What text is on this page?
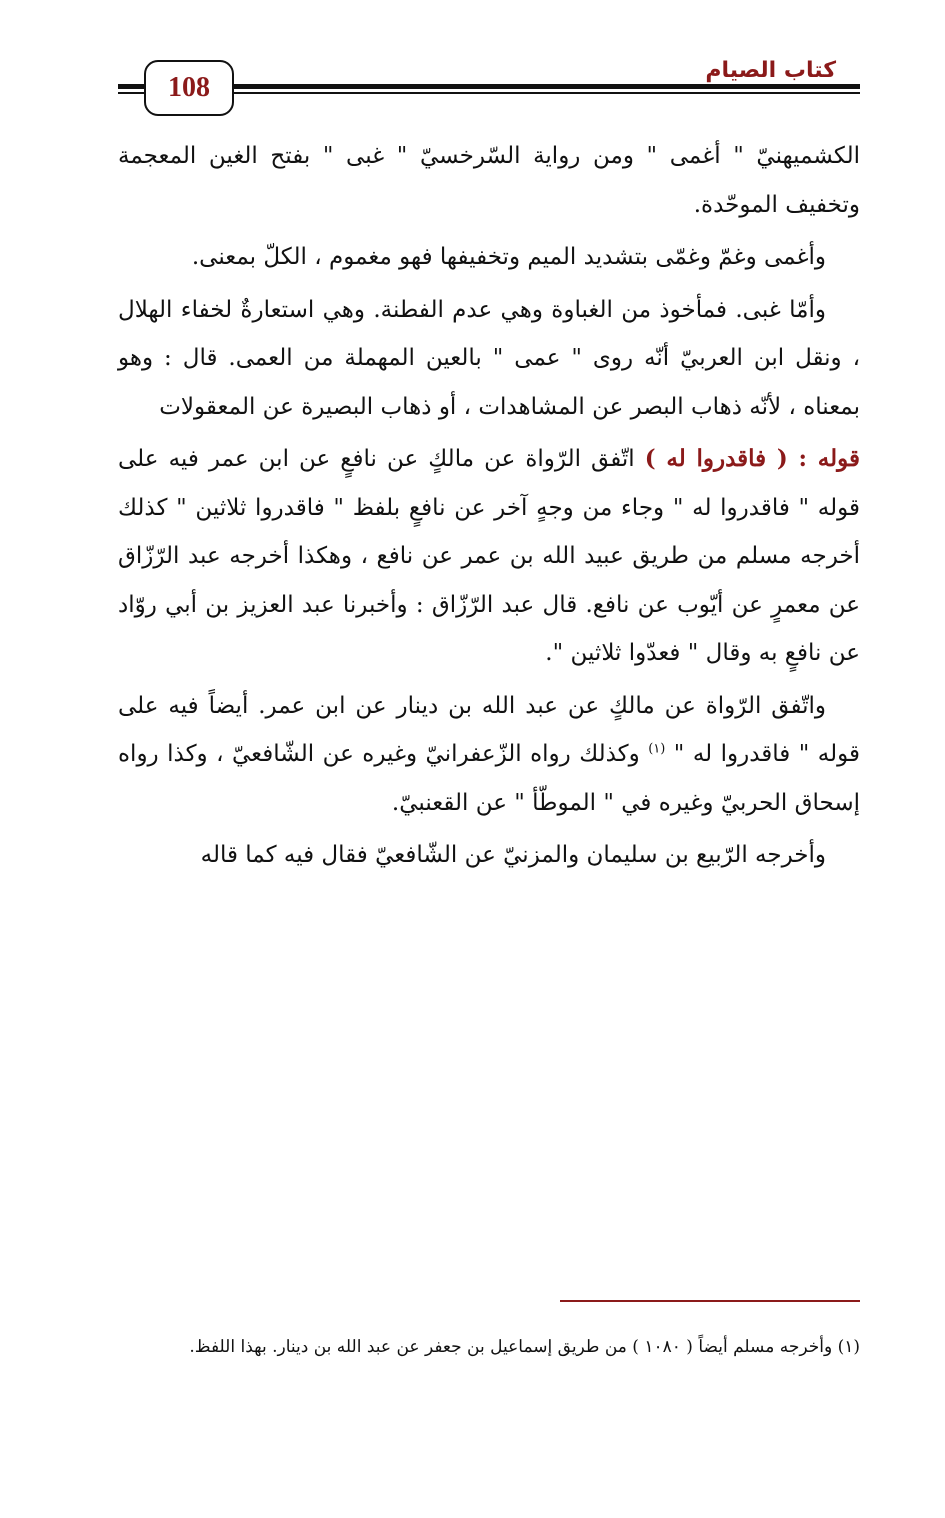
كتاب الصيام
108

الكشميهنيّ " أغمى " ومن رواية السّرخسيّ " غبى " بفتح الغين المعجمة وتخفيف الموحّدة.

وأغمى وغمّ وغمّى بتشديد الميم وتخفيفها فهو مغموم ، الكلّ بمعنى.

وأمّا غبى. فمأخوذ من الغباوة وهي عدم الفطنة. وهي استعارةٌ لخفاء الهلال ، ونقل ابن العربيّ أنّه روى " عمى " بالعين المهملة من العمى. قال : وهو بمعناه ، لأنّه ذهاب البصر عن المشاهدات ، أو ذهاب البصيرة عن المعقولات

قوله : ( فاقدروا له ) اتّفق الرّواة عن مالكٍ عن نافعٍ عن ابن عمر فيه على قوله " فاقدروا له " وجاء من وجهٍ آخر عن نافعٍ بلفظ " فاقدروا ثلاثين " كذلك أخرجه مسلم من طريق عبيد الله بن عمر عن نافع ، وهكذا أخرجه عبد الرّزّاق عن معمرٍ عن أيّوب عن نافع. قال عبد الرّزّاق : وأخبرنا عبد العزيز بن أبي روّاد عن نافعٍ به وقال " فعدّوا ثلاثين ".

واتّفق الرّواة عن مالكٍ عن عبد الله بن دينار عن ابن عمر. أيضاً فيه على قوله " فاقدروا له " $^{(١)}$ وكذلك رواه الزّعفرانيّ وغيره عن الشّافعيّ ، وكذا رواه إسحاق الحربيّ وغيره في " الموطّأ " عن القعنبيّ.

وأخرجه الرّبيع بن سليمان والمزنيّ عن الشّافعيّ فقال فيه كما قاله

(١) وأخرجه مسلم أيضاً ( ١٠٨٠ ) من طريق إسماعيل بن جعفر عن عبد الله بن دينار. بهذا اللفظ.
